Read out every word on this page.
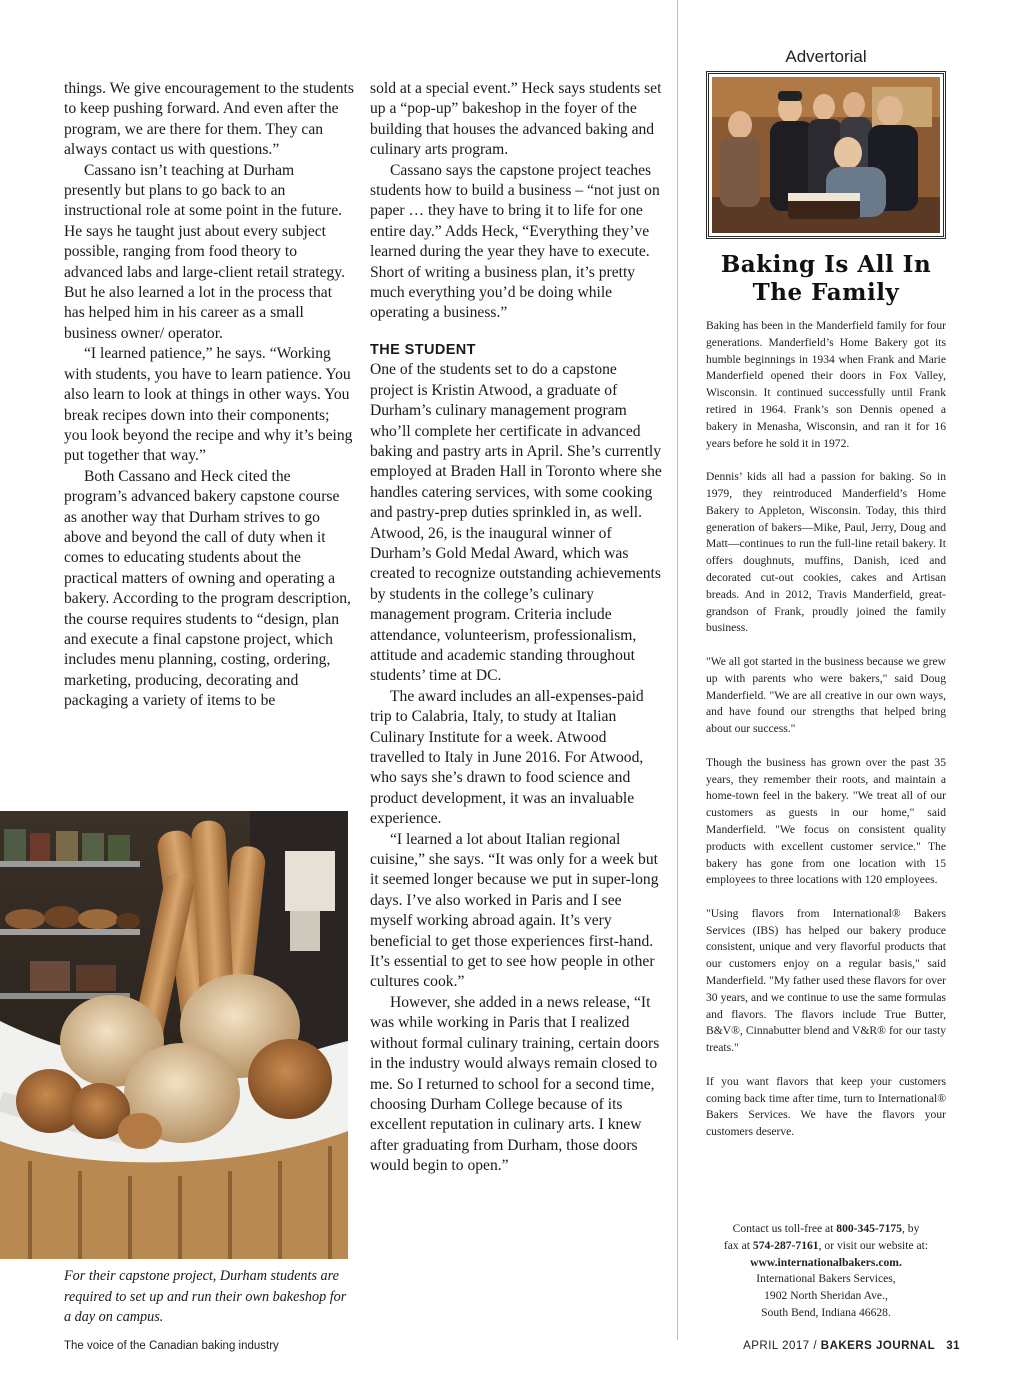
things. We give encouragement to the students to keep pushing forward. And even after the program, we are there for them. They can always contact us with questions.”

Cassano isn’t teaching at Durham presently but plans to go back to an instructional role at some point in the future. He says he taught just about every subject possible, ranging from food theory to advanced labs and large-client retail strategy. But he also learned a lot in the process that has helped him in his career as a small business owner/ operator.

“I learned patience,” he says. “Working with students, you have to learn patience. You also learn to look at things in other ways. You break recipes down into their components; you look beyond the recipe and why it’s being put together that way.”

Both Cassano and Heck cited the program’s advanced bakery capstone course as another way that Durham strives to go above and beyond the call of duty when it comes to educating students about the practical matters of owning and operating a bakery. According to the program description, the course requires students to “design, plan and execute a final capstone project, which includes menu planning, costing, ordering, marketing, producing, decorating and packaging a variety of items to be

For their capstone project, Durham students are required to set up and run their own bakeshop for a day on campus.

sold at a special event.” Heck says students set up a “pop-up” bakeshop in the foyer of the building that houses the advanced baking and culinary arts program.

Cassano says the capstone project teaches students how to build a business – “not just on paper … they have to bring it to life for one entire day.” Adds Heck, “Everything they’ve learned during the year they have to execute. Short of writing a business plan, it’s pretty much everything you’d be doing while operating a business.”

THE STUDENT

One of the students set to do a capstone project is Kristin Atwood, a graduate of Durham’s culinary management program who’ll complete her certificate in advanced baking and pastry arts in April. She’s currently employed at Braden Hall in Toronto where she handles catering services, with some cooking and pastry-prep duties sprinkled in, as well. Atwood, 26, is the inaugural winner of Durham’s Gold Medal Award, which was created to recognize outstanding achievements by students in the college’s culinary management program. Criteria include attendance, volunteerism, professionalism, attitude and academic standing throughout students’ time at DC.

The award includes an all-expenses-paid trip to Calabria, Italy, to study at Italian Culinary Institute for a week. Atwood travelled to Italy in June 2016. For Atwood, who says she’s drawn to food science and product development, it was an invaluable experience.

“I learned a lot about Italian regional cuisine,” she says. “It was only for a week but it seemed longer because we put in super-long days. I’ve also worked in Paris and I see myself working abroad again. It’s very beneficial to get those experiences first-hand. It’s essential to get to see how people in other cultures cook.”

However, she added in a news release, “It was while working in Paris that I realized without formal culinary training, certain doors in the industry would always remain closed to me. So I returned to school for a second time, choosing Durham College because of its excellent reputation in culinary arts. I knew after graduating from Durham, those doors would begin to open.”

Advertorial
Baking Is All In The Family

Baking has been in the Manderfield family for four generations. Manderfield’s Home Bakery got its humble beginnings in 1934 when Frank and Marie Manderfield opened their doors in Fox Valley, Wisconsin. It continued successfully until Frank retired in 1964. Frank’s son Dennis opened a bakery in Menasha, Wisconsin, and ran it for 16 years before he sold it in 1972.

Dennis’ kids all had a passion for baking. So in 1979, they reintroduced Manderfield’s Home Bakery to Appleton, Wisconsin. Today, this third generation of bakers—Mike, Paul, Jerry, Doug and Matt—continues to run the full-line retail bakery. It offers doughnuts, muffins, Danish, iced and decorated cut-out cookies, cakes and Artisan breads. And in 2012, Travis Manderfield, great-grandson of Frank, proudly joined the family business.

"We all got started in the business because we grew up with parents who were bakers," said Doug Manderfield. "We are all creative in our own ways, and have found our strengths that helped bring about our success."

Though the business has grown over the past 35 years, they remember their roots, and maintain a home-town feel in the bakery. "We treat all of our customers as guests in our home," said Manderfield. "We focus on consistent quality products with excellent customer service." The bakery has gone from one location with 15 employees to three locations with 120 employees.

"Using flavors from International® Bakers Services (IBS) has helped our bakery produce consistent, unique and very flavorful products that our customers enjoy on a regular basis," said Manderfield. "My father used these flavors for over 30 years, and we continue to use the same formulas and flavors. The flavors include True Butter, B&V®, Cinnabutter blend and V&R® for our tasty treats."

If you want flavors that keep your customers coming back time after time, turn to International® Bakers Services. We have the flavors your customers deserve.

Contact us toll-free at 800-345-7175, by
fax at 574-287-7161, or visit our website at:
www.internationalbakers.com.
International Bakers Services,
1902 North Sheridan Ave.,
South Bend, Indiana 46628.
The voice of the Canadian baking industry	APRIL 2017 / BAKERS JOURNAL 31
